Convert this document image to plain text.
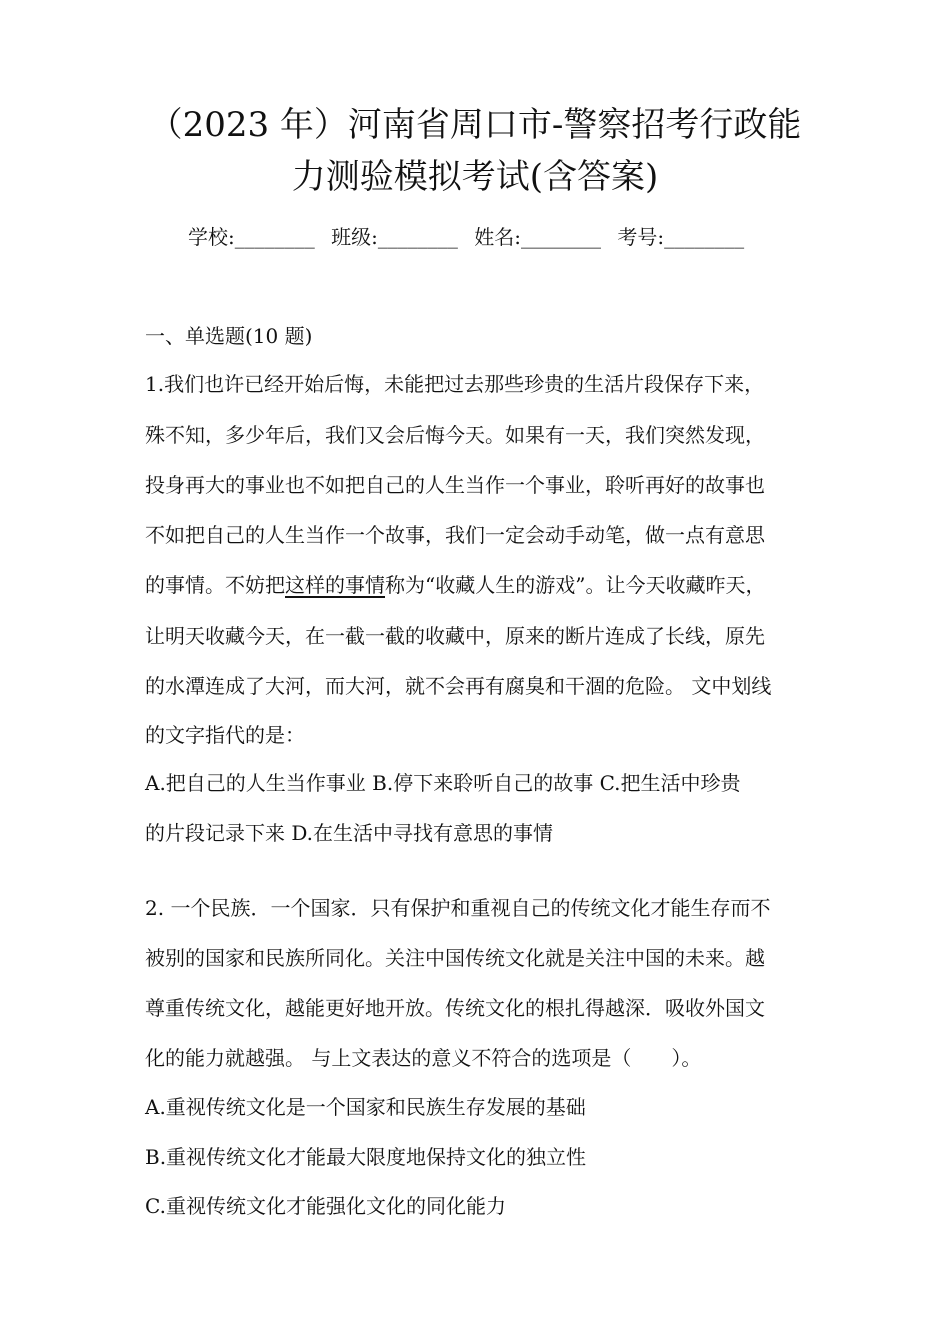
（2023 年）河南省周口市-警察招考行政能
力测验模拟考试(含答案)
学校:________ 班级:________ 姓名:________ 考号:________
一、单选题(10 题)
1.我们也许已经开始后悔，未能把过去那些珍贵的生活片段保存下来，
殊不知，多少年后，我们又会后悔今天。如果有一天，我们突然发现，
投身再大的事业也不如把自己的人生当作一个事业，聆听再好的故事也
不如把自己的人生当作一个故事，我们一定会动手动笔，做一点有意思
的事情。不妨把这样的事情称为“收藏人生的游戏”。让今天收藏昨天，
让明天收藏今天，在一截一截的收藏中，原来的断片连成了长线，原先
的水潭连成了大河，而大河，就不会再有腐臭和干涸的危险。 文中划线
的文字指代的是：
A.把自己的人生当作事业 B.停下来聆听自己的故事 C.把生活中珍贵
的片段记录下来 D.在生活中寻找有意思的事情
2. 一个民族．一个国家．只有保护和重视自己的传统文化才能生存而不
被别的国家和民族所同化。关注中国传统文化就是关注中国的未来。越
尊重传统文化，越能更好地开放。传统文化的根扎得越深．吸收外国文
化的能力就越强。 与上文表达的意义不符合的选项是（　　）。
A.重视传统文化是一个国家和民族生存发展的基础
B.重视传统文化才能最大限度地保持文化的独立性
C.重视传统文化才能强化文化的同化能力
